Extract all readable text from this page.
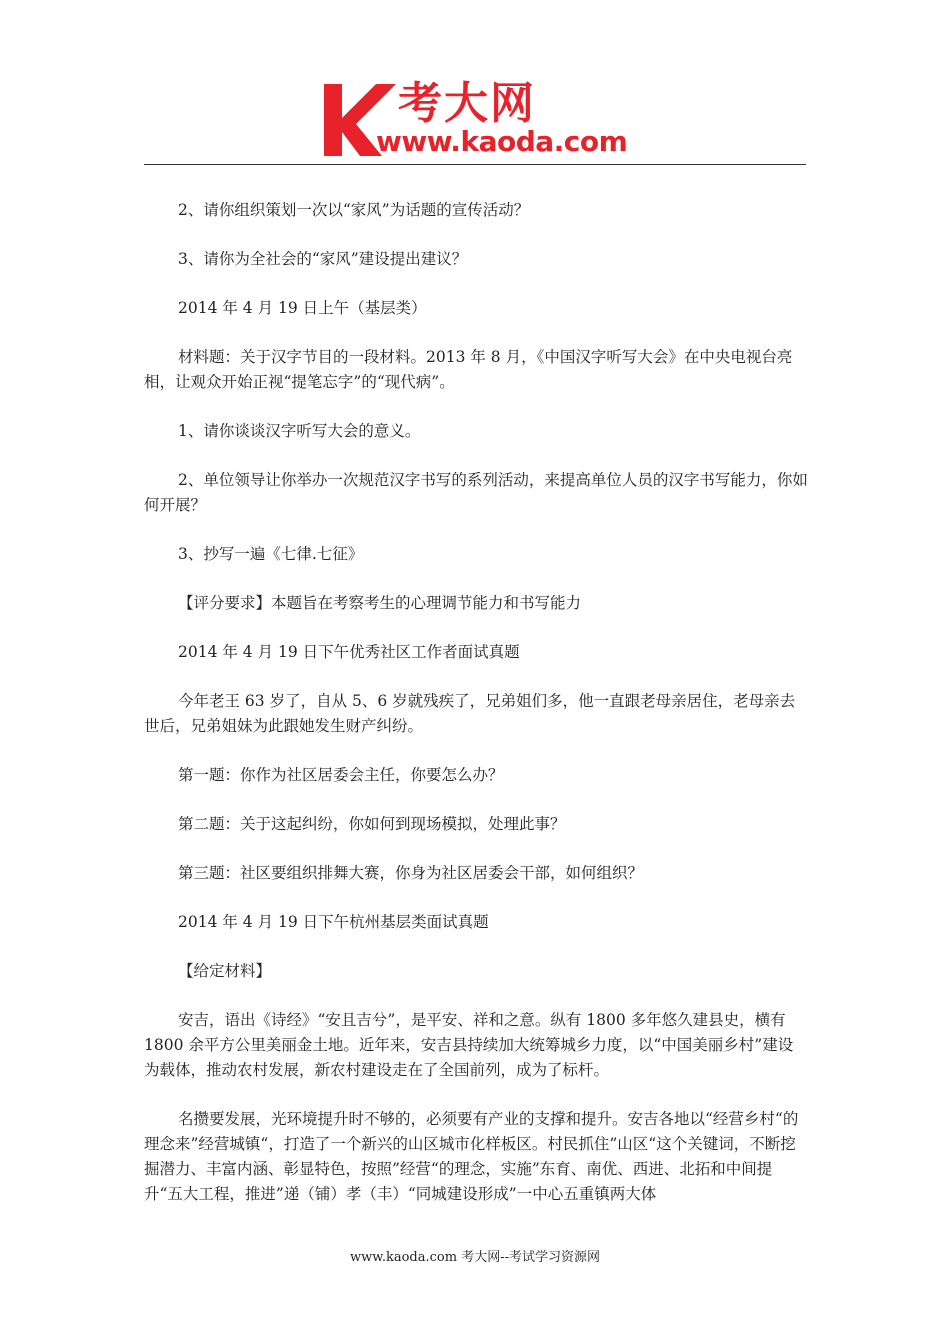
考大网
www.kaoda.com

2、请你组织策划一次以“家风”为话题的宣传活动？

3、请你为全社会的“家风”建设提出建议？

2014 年 4 月 19 日上午（基层类）

材料题：关于汉字节目的一段材料。2013 年 8 月，《中国汉字听写大会》在中央电视台亮相，让观众开始正视“提笔忘字”的“现代病”。

1、请你谈谈汉字听写大会的意义。

2、单位领导让你举办一次规范汉字书写的系列活动，来提高单位人员的汉字书写能力，你如何开展？

3、抄写一遍《七律.七征》

【评分要求】本题旨在考察考生的心理调节能力和书写能力

2014 年 4 月 19 日下午优秀社区工作者面试真题

今年老王 63 岁了，自从 5、6 岁就残疾了，兄弟姐们多，他一直跟老母亲居住，老母亲去世后，兄弟姐妹为此跟她发生财产纠纷。

第一题：你作为社区居委会主任，你要怎么办？

第二题：关于这起纠纷，你如何到现场模拟，处理此事？

第三题：社区要组织排舞大赛，你身为社区居委会干部，如何组织？

2014 年 4 月 19 日下午杭州基层类面试真题

【给定材料】

安吉，语出《诗经》“安且吉兮”，是平安、祥和之意。纵有 1800 多年悠久建县史，横有 1800 余平方公里美丽金土地。近年来，安吉县持续加大统筹城乡力度，以“中国美丽乡村”建设为载体，推动农村发展，新农村建设走在了全国前列，成为了标杆。

名攒要发展，光环境提升时不够的，必须要有产业的支撑和提升。安吉各地以“经营乡村“的理念来”经营城镇“，打造了一个新兴的山区城市化样板区。村民抓住”山区“这个关键词，不断挖掘潜力、丰富内涵、彰显特色，按照”经营“的理念，实施”东育、南优、西进、北拓和中间提升“五大工程，推进”递（铺）孝（丰）“同城建设形成”一中心五重镇两大体

www.kaoda.com 考大网--考试学习资源网
